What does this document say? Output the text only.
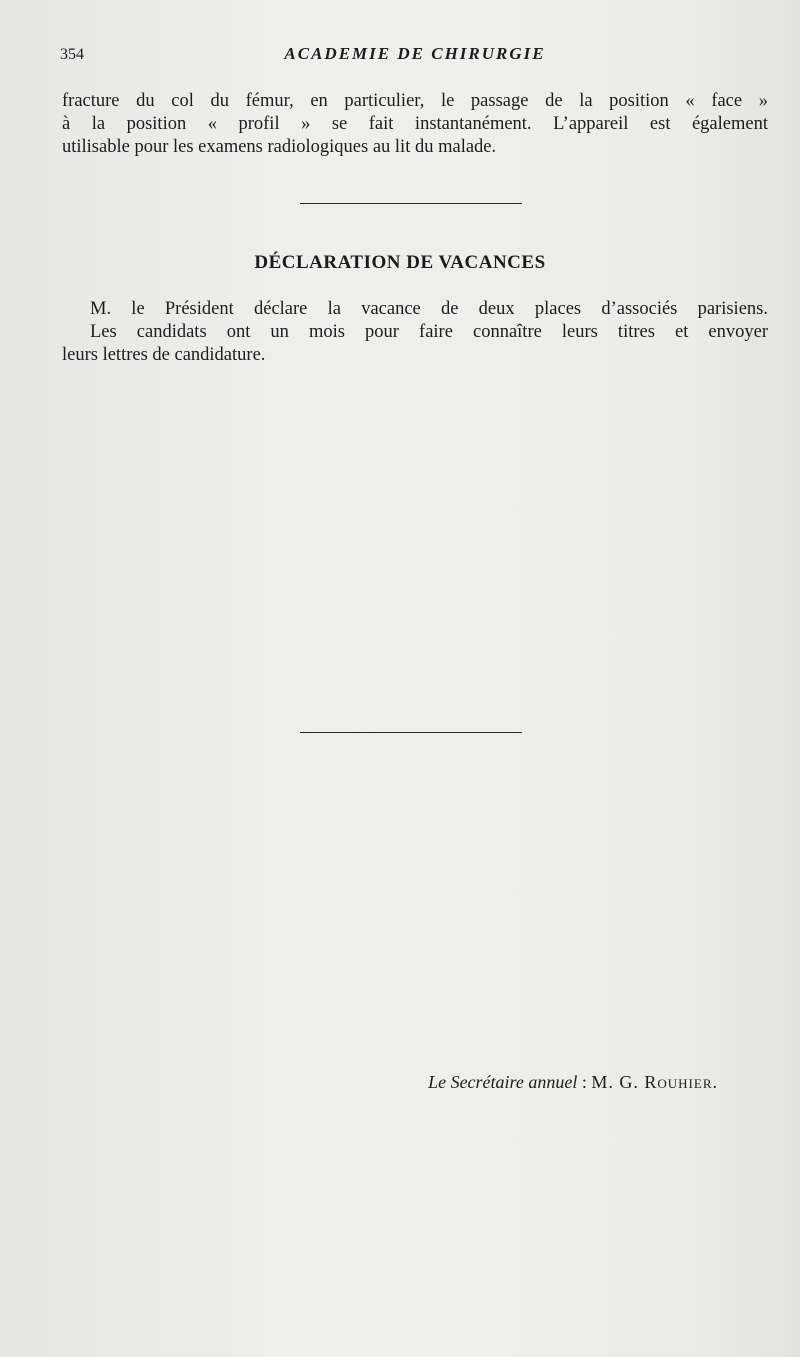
354	ACADEMIE DE CHIRURGIE
fracture du col du fémur, en particulier, le passage de la position « face »
à la position « profil » se fait instantanément. L’appareil est également
utilisable pour les examens radiologiques au lit du malade.
DÉCLARATION DE VACANCES
M. le Président déclare la vacance de deux places d’associés parisiens.
Les candidats ont un mois pour faire connaître leurs titres et envoyer
leurs lettres de candidature.
Le Secrétaire annuel : M. G. Rouhier.
